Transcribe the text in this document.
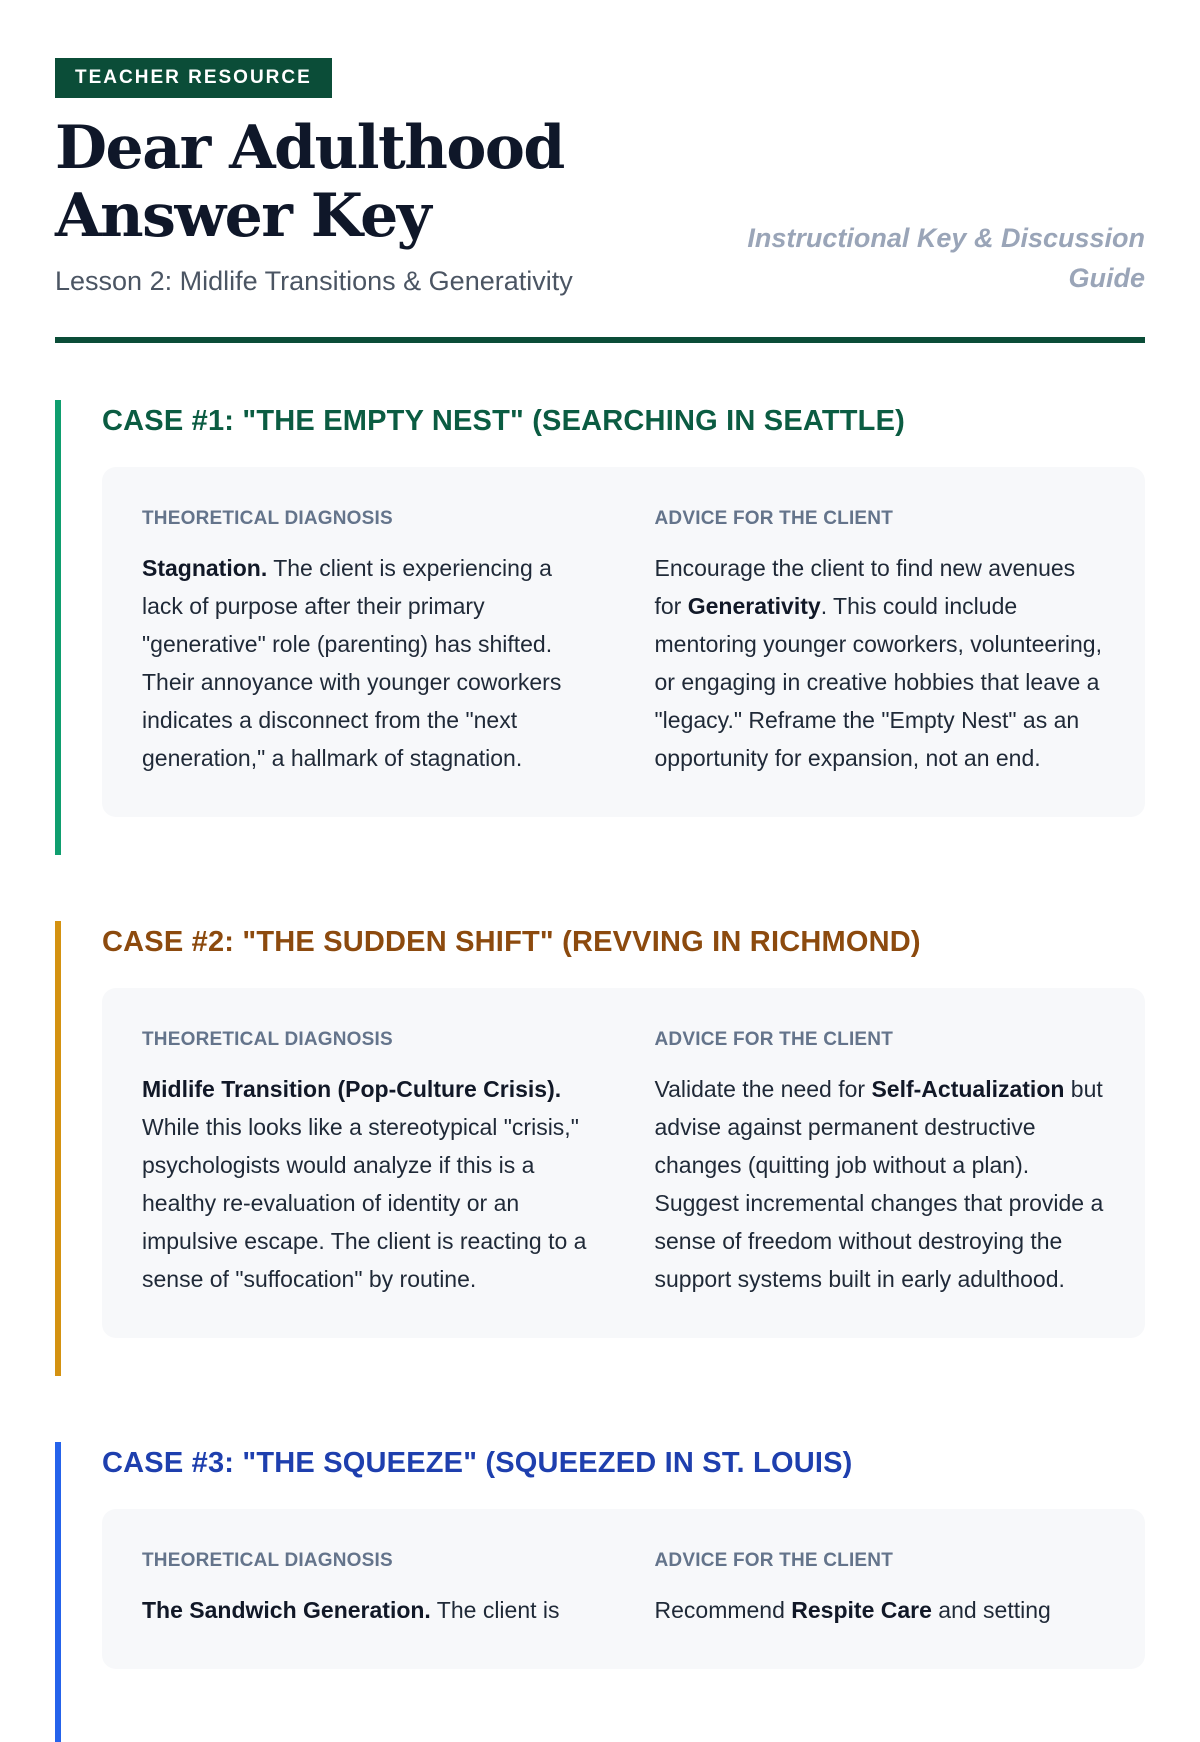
TEACHER RESOURCE
Dear Adulthood Answer Key
Lesson 2: Midlife Transitions & Generativity
Instructional Key & Discussion Guide
CASE #1: "THE EMPTY NEST" (SEARCHING IN SEATTLE)
THEORETICAL DIAGNOSIS

Stagnation. The client is experiencing a lack of purpose after their primary "generative" role (parenting) has shifted. Their annoyance with younger coworkers indicates a disconnect from the "next generation," a hallmark of stagnation.

ADVICE FOR THE CLIENT

Encourage the client to find new avenues for Generativity. This could include mentoring younger coworkers, volunteering, or engaging in creative hobbies that leave a "legacy." Reframe the "Empty Nest" as an opportunity for expansion, not an end.

CASE #2: "THE SUDDEN SHIFT" (REVVING IN RICHMOND)
THEORETICAL DIAGNOSIS

Midlife Transition (Pop-Culture Crisis). While this looks like a stereotypical "crisis," psychologists would analyze if this is a healthy re-evaluation of identity or an impulsive escape. The client is reacting to a sense of "suffocation" by routine.

ADVICE FOR THE CLIENT

Validate the need for Self-Actualization but advise against permanent destructive changes (quitting job without a plan). Suggest incremental changes that provide a sense of freedom without destroying the support systems built in early adulthood.

CASE #3: "THE SQUEEZE" (SQUEEZED IN ST. LOUIS)
THEORETICAL DIAGNOSIS

The Sandwich Generation. The client is

ADVICE FOR THE CLIENT

Recommend Respite Care and setting
